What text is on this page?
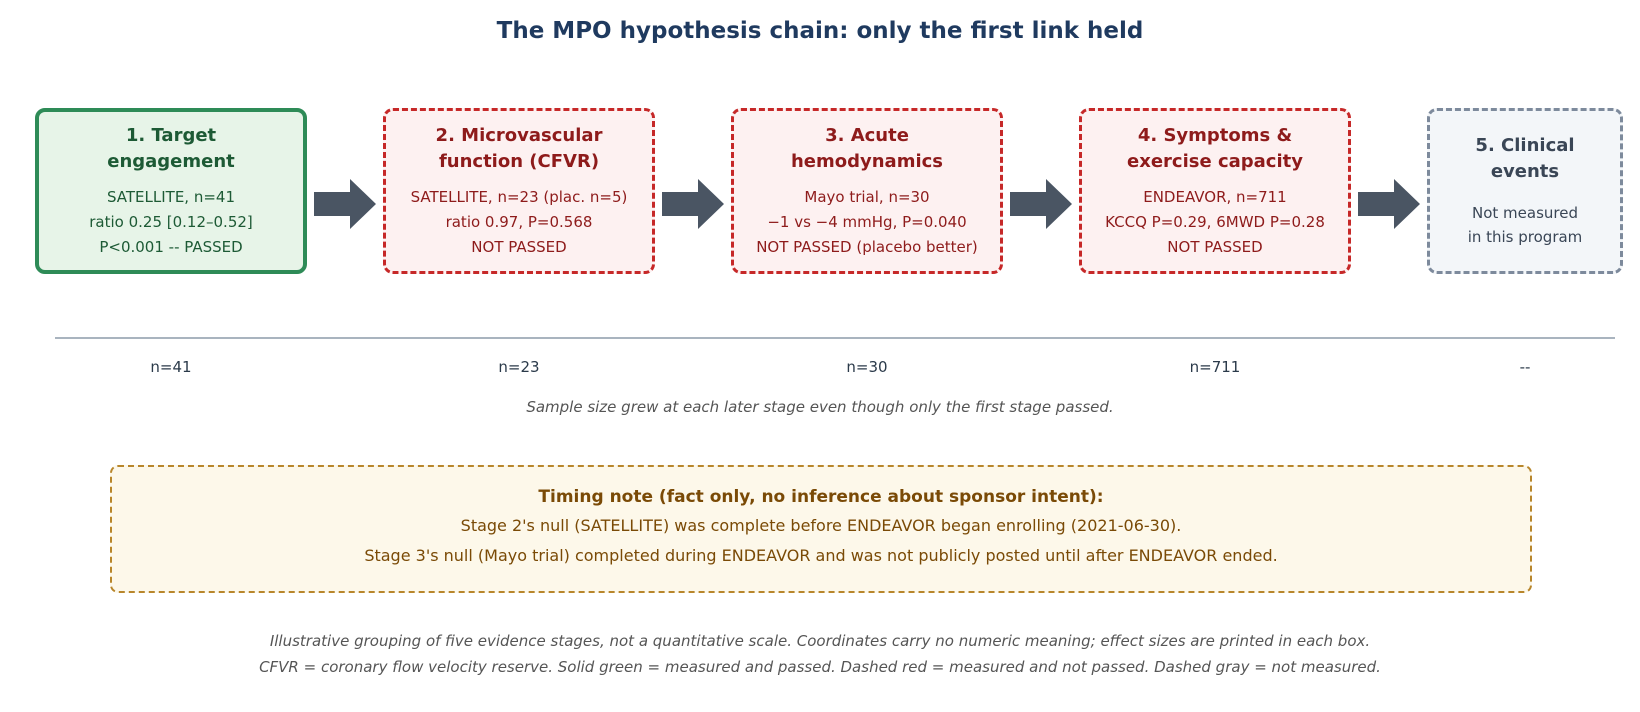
The MPO hypothesis chain: only the first link held
1. Target
engagement
SATELLITE, n=41
ratio 0.25 [0.12–0.52]
P<0.001 -- PASSED
2. Microvascular
function (CFVR)
SATELLITE, n=23 (plac. n=5)
ratio 0.97, P=0.568
NOT PASSED
3. Acute
hemodynamics
Mayo trial, n=30
−1 vs −4 mmHg, P=0.040
NOT PASSED (placebo better)
4. Symptoms &
exercise capacity
ENDEAVOR, n=711
KCCQ P=0.29, 6MWD P=0.28
NOT PASSED
5. Clinical
events
Not measured
in this program
n=41	n=23	n=30	n=711	--
Sample size grew at each later stage even though only the first stage passed.
Timing note (fact only, no inference about sponsor intent):
Stage 2's null (SATELLITE) was complete before ENDEAVOR began enrolling (2021-06-30).
Stage 3's null (Mayo trial) completed during ENDEAVOR and was not publicly posted until after ENDEAVOR ended.
Illustrative grouping of five evidence stages, not a quantitative scale. Coordinates carry no numeric meaning; effect sizes are printed in each box.
CFVR = coronary flow velocity reserve. Solid green = measured and passed. Dashed red = measured and not passed. Dashed gray = not measured.
